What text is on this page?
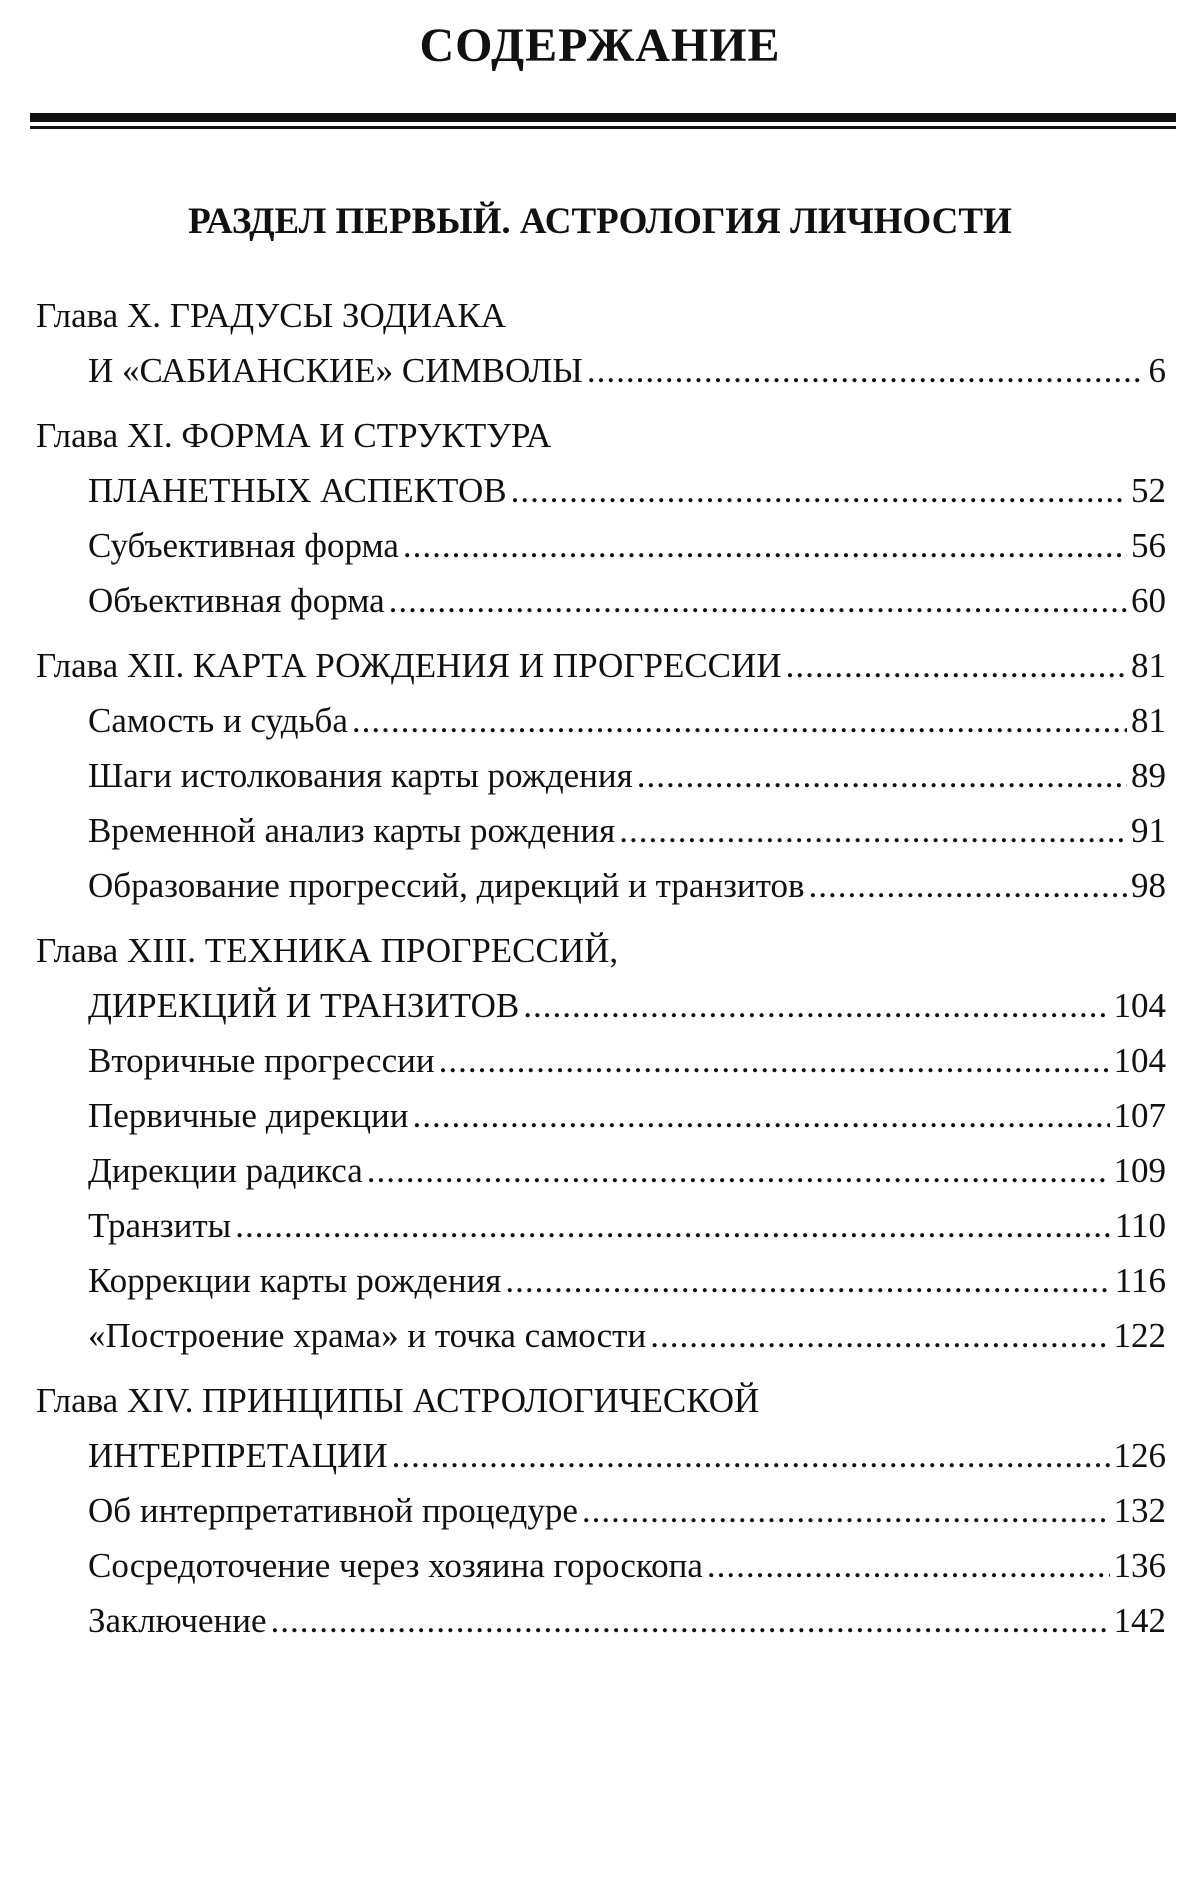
СОДЕРЖАНИЕ
РАЗДЕЛ ПЕРВЫЙ. АСТРОЛОГИЯ ЛИЧНОСТИ
Глава X. ГРАДУСЫ ЗОДИАКА
И «САБИАНСКИЕ» СИМВОЛЫ .....	6
Глава XI. ФОРМА И СТРУКТУРА
ПЛАНЕТНЫХ АСПЕКТОВ .....	52
Субъективная форма .....	56
Объективная форма .....	60
Глава XII. КАРТА РОЖДЕНИЯ И ПРОГРЕССИИ .....	81
Самость и судьба .....	81
Шаги истолкования карты рождения .....	89
Временной анализ карты рождения .....	91
Образование прогрессий, дирекций и транзитов .....	98
Глава XIII. ТЕХНИКА ПРОГРЕССИЙ,
ДИРЕКЦИЙ И ТРАНЗИТОВ .....	104
Вторичные прогрессии .....	104
Первичные дирекции .....	107
Дирекции радикса .....	109
Транзиты .....	110
Коррекции карты рождения .....	116
«Построение храма» и точка самости .....	122
Глава XIV. ПРИНЦИПЫ АСТРОЛОГИЧЕСКОЙ
ИНТЕРПРЕТАЦИИ .....	126
Об интерпретативной процедуре .....	132
Сосредоточение через хозяина гороскопа .....	136
Заключение .....	142
